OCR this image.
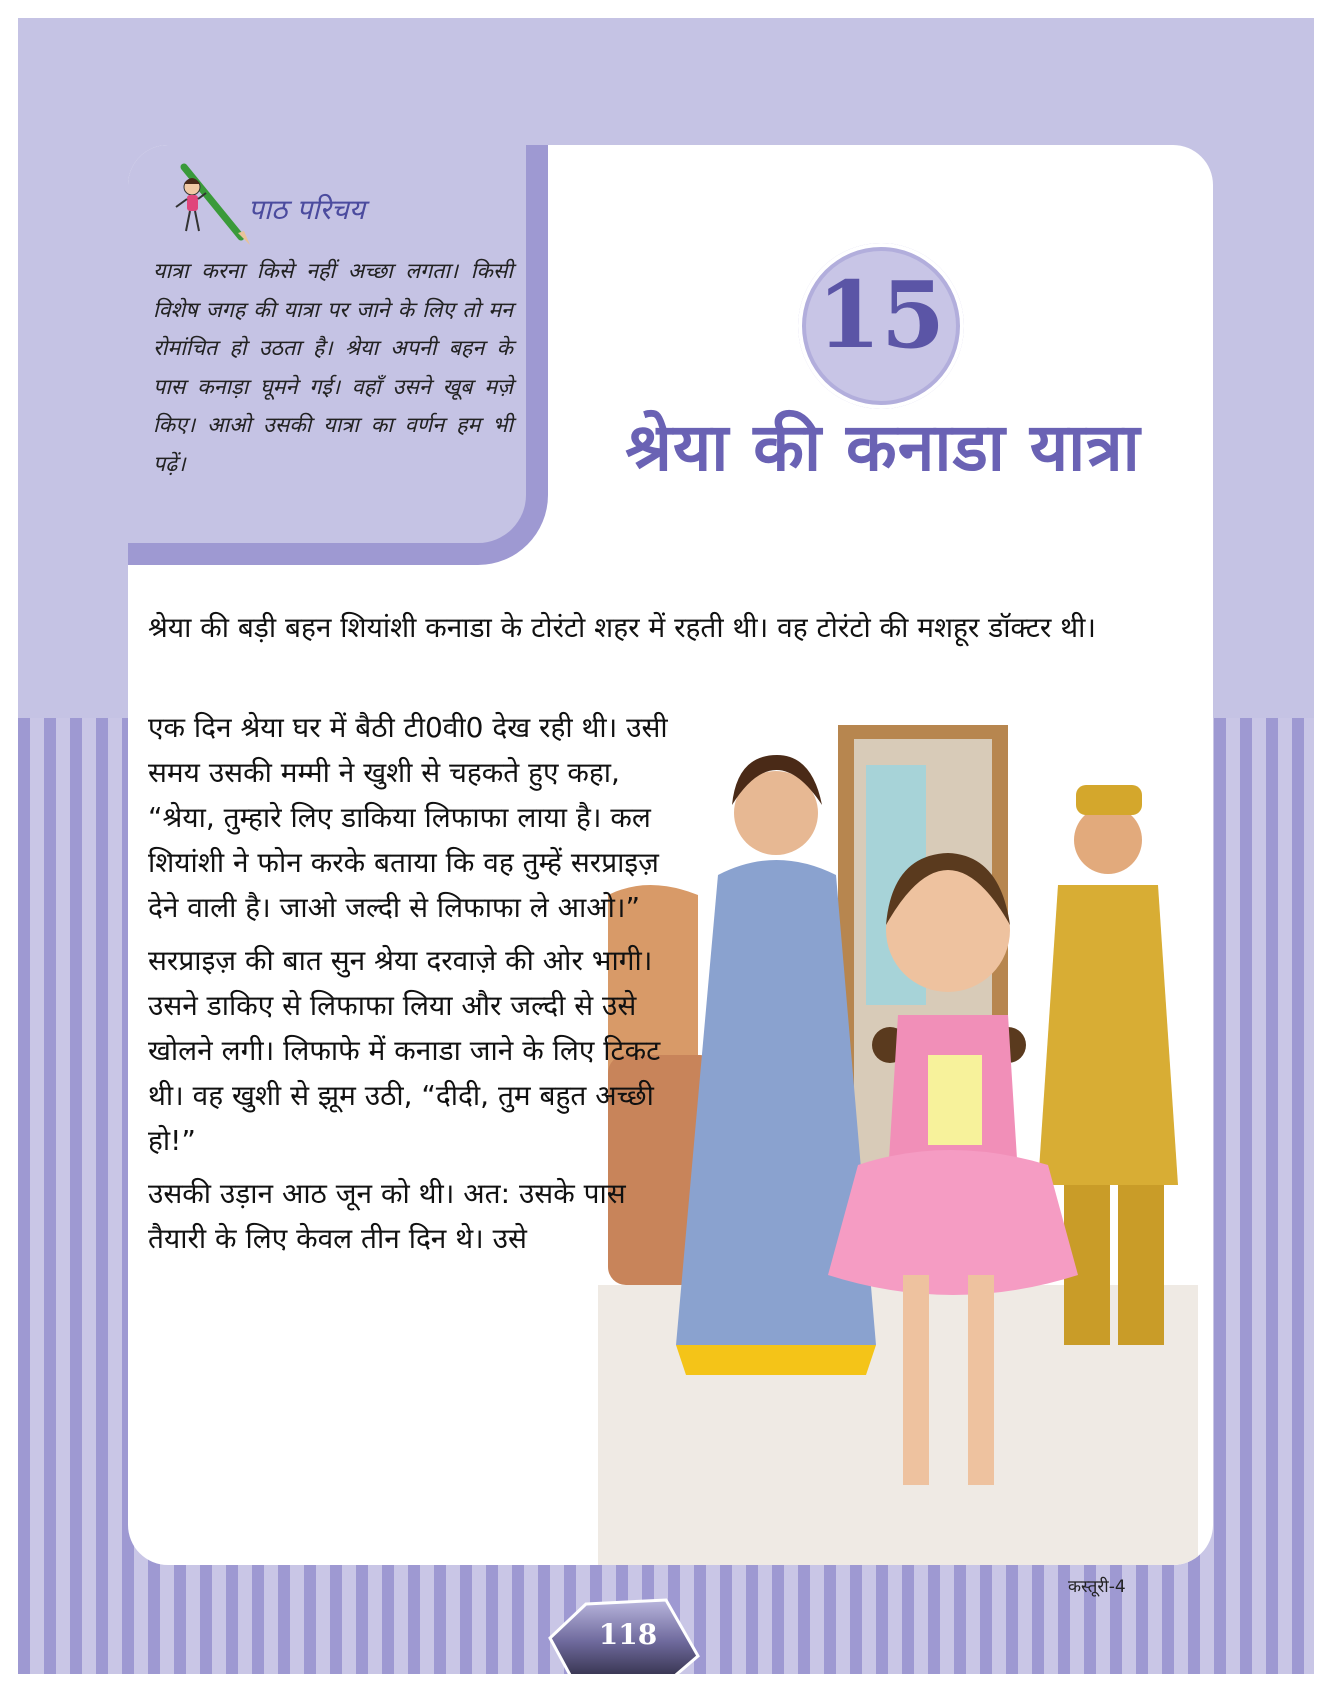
पाठ परिचय
यात्रा करना किसे नहीं अच्छा लगता। किसी विशेष जगह की यात्रा पर जाने के लिए तो मन रोमांचित हो उठता है। श्रेया अपनी बहन के पास कनाड़ा घूमने गई। वहाँ उसने खूब मज़े किए। आओ उसकी यात्रा का वर्णन हम भी पढ़ें।
15
श्रेया की कनाडा यात्रा

श्रेया की बड़ी बहन शियांशी कनाडा के टोरंटो शहर में रहती थी। वह टोरंटो की मशहूर डॉक्टर थी।

एक दिन श्रेया घर में बैठी टी0वी0 देख रही थी। उसी समय उसकी मम्मी ने खुशी से चहकते हुए कहा, “श्रेया, तुम्हारे लिए डाकिया लिफाफा लाया है। कल शियांशी ने फोन करके बताया कि वह तुम्हें सरप्राइज़ देने वाली है। जाओ जल्दी से लिफाफा ले आओ।”

सरप्राइज़ की बात सुन श्रेया दरवाज़े की ओर भागी। उसने डाकिए से लिफाफा लिया और जल्दी से उसे खोलने लगी। लिफाफे में कनाडा जाने के लिए टिकट थी। वह खुशी से झूम उठी, “दीदी, तुम बहुत अच्छी हो!”

उसकी उड़ान आठ जून को थी। अत: उसके पास तैयारी के लिए केवल तीन दिन थे। उसे

कस्तूरी-4
118
